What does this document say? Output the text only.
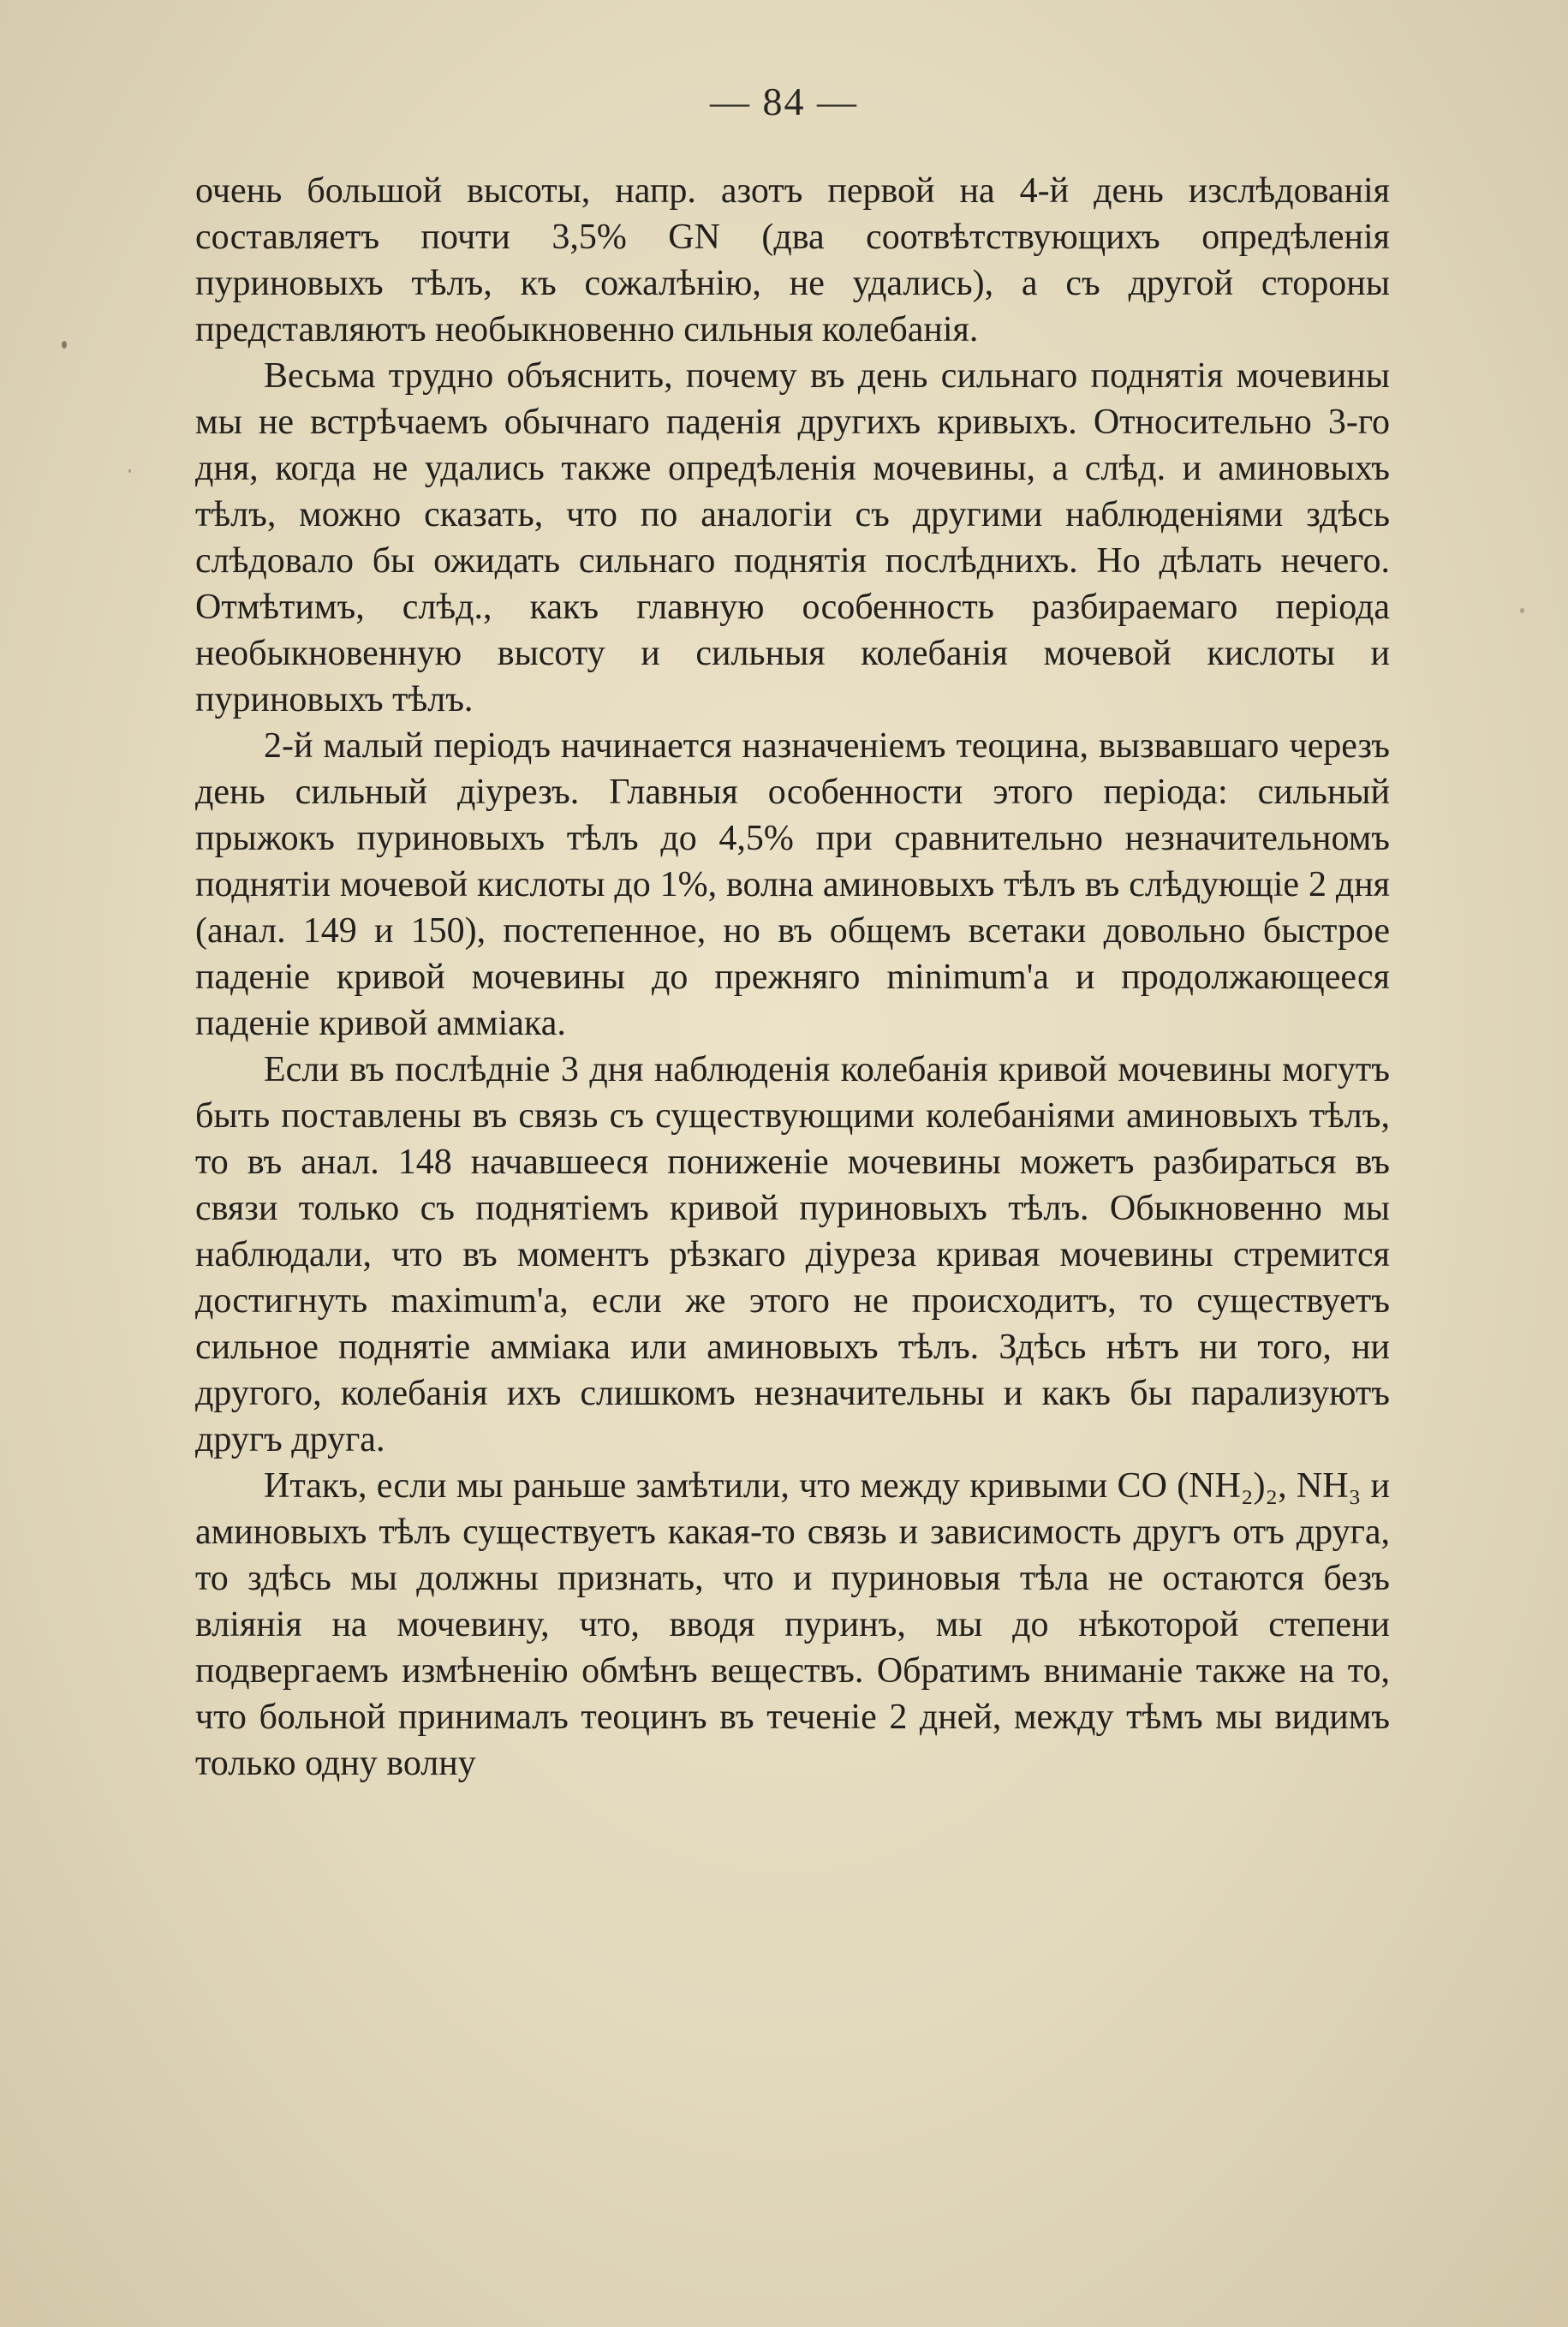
— 84 —

очень большой высоты, напр. азотъ первой на 4-й день изслѣдованія составляетъ почти 3,5% GN (два соотвѣтствующихъ опредѣленія пуриновыхъ тѣлъ, къ сожалѣнію, не удались), а съ другой стороны представляютъ необыкновенно сильныя колебанія.

Весьма трудно объяснить, почему въ день сильнаго поднятія мочевины мы не встрѣчаемъ обычнаго паденія другихъ кривыхъ. Относительно 3-го дня, когда не удались также опредѣленія мочевины, а слѣд. и аминовыхъ тѣлъ, можно сказать, что по аналогіи съ другими наблюденіями здѣсь слѣдовало бы ожидать сильнаго поднятія послѣднихъ. Но дѣлать нечего. Отмѣтимъ, слѣд., какъ главную особенность разбираемаго періода необыкновенную высоту и сильныя колебанія мочевой кислоты и пуриновыхъ тѣлъ.

2-й малый періодъ начинается назначеніемъ теоцина, вызвавшаго черезъ день сильный діурезъ. Главныя особенности этого періода: сильный прыжокъ пуриновыхъ тѣлъ до 4,5% при сравнительно незначительномъ поднятіи мочевой кислоты до 1%, волна аминовыхъ тѣлъ въ слѣдующіе 2 дня (анал. 149 и 150), постепенное, но въ общемъ всетаки довольно быстрое паденіе кривой мочевины до прежняго minimum'а и продолжающееся паденіе кривой амміака.

Если въ послѣдніе 3 дня наблюденія колебанія кривой мочевины могутъ быть поставлены въ связь съ существующими колебаніями аминовыхъ тѣлъ, то въ анал. 148 начавшееся пониженіе мочевины можетъ разбираться въ связи только съ поднятіемъ кривой пуриновыхъ тѣлъ. Обыкновенно мы наблюдали, что въ моментъ рѣзкаго діуреза кривая мочевины стремится достигнуть maximum'а, если же этого не происходитъ, то существуетъ сильное поднятіе амміака или аминовыхъ тѣлъ. Здѣсь нѣтъ ни того, ни другого, колебанія ихъ слишкомъ незначительны и какъ бы парализуютъ другъ друга.

Итакъ, если мы раньше замѣтили, что между кривыми CO (NH₂)₂, NH₃ и аминовыхъ тѣлъ существуетъ какая-то связь и зависимость другъ отъ друга, то здѣсь мы должны признать, что и пуриновыя тѣла не остаются безъ вліянія на мочевину, что, вводя пуринъ, мы до нѣкоторой степени подвергаемъ измѣненію обмѣнъ веществъ. Обратимъ вниманіе также на то, что больной принималъ теоцинъ въ теченіе 2 дней, между тѣмъ мы видимъ только одну волну
